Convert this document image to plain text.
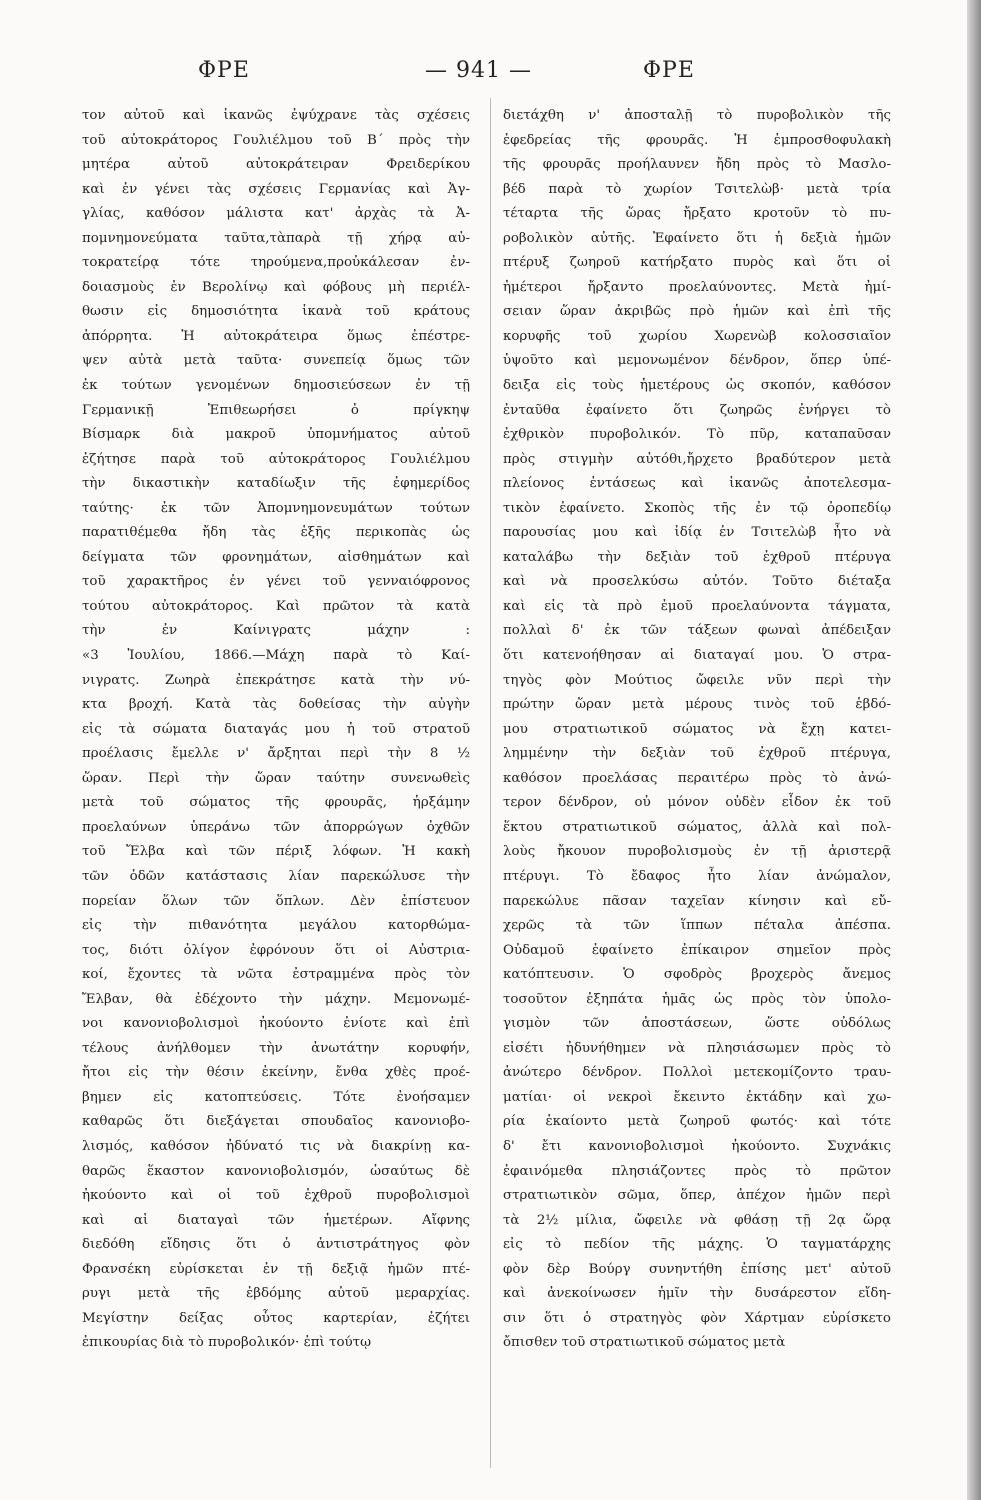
ΦΡΕ	— 941 —	ΦΡΕ
τον αὐτοῦ καὶ ἱκανῶς ἐψύχρανε τὰς σχέσεις
τοῦ αὐτοκράτορος Γουλιέλμου τοῦ Β΄ πρὸς τὴν
μητέρα αὐτοῦ αὐτοκράτειραν Φρειδερίκου
καὶ ἐν γένει τὰς σχέσεις Γερμανίας καὶ Ἀγ-
γλίας, καθόσον μάλιστα κατ' ἀρχὰς τὰ Ἀ-
πομνημονεύματα ταῦτα,τὰπαρὰ τῇ χήρᾳ αὐ-
τοκρατείρᾳ τότε τηρούμενα,προὐκάλεσαν ἐν-
δοιασμοὺς ἐν Βερολίνῳ καὶ φόβους μὴ περιέλ-
θωσιν εἰς δημοσιότητα ἱκανὰ τοῦ κράτους
ἀπόρρητα. Ἡ αὐτοκράτειρα ὅμως ἐπέστρε-
ψεν αὐτὰ μετὰ ταῦτα· συνεπείᾳ ὅμως τῶν
ἐκ τούτων γενομένων δημοσιεύσεων ἐν τῇ
Γερμανικῇ Ἐπιθεωρήσει ὁ πρίγκηψ
Βίσμαρκ διὰ μακροῦ ὑπομνήματος αὐτοῦ
ἐζήτησε παρὰ τοῦ αὐτοκράτορος Γουλιέλμου
τὴν δικαστικὴν καταδίωξιν τῆς ἐφημερίδος
ταύτης· ἐκ τῶν Ἀπομνημονευμάτων τούτων
παρατιθέμεθα ἤδη τὰς ἑξῆς περικοπὰς ὡς
δείγματα τῶν φρονημάτων, αἰσθημάτων καὶ
τοῦ χαρακτῆρος ἐν γένει τοῦ γενναιόφρονος
τούτου αὐτοκράτορος. Καὶ πρῶτον τὰ κατὰ
τὴν ἐν Καίνιγρατς μάχην :
«3 Ἰουλίου, 1866.—Μάχη παρὰ τὸ Καί-
νιγρατς. Ζωηρὰ ἐπεκράτησε κατὰ τὴν νύ-
κτα βροχή. Κατὰ τὰς δοθείσας τὴν αὐγὴν
εἰς τὰ σώματα διαταγάς μου ἡ τοῦ στρατοῦ
προέλασις ἔμελλε ν' ἄρξηται περὶ τὴν 8 ½
ὥραν. Περὶ τὴν ὥραν ταύτην συνενωθεὶς
μετὰ τοῦ σώματος τῆς φρουρᾶς, ἠρξάμην
προελαύνων ὑπεράνω τῶν ἀπορρώγων ὀχθῶν
τοῦ Ἔλβα καὶ τῶν πέριξ λόφων. Ἡ κακὴ
τῶν ὁδῶν κατάστασις λίαν παρεκώλυσε τὴν
πορείαν ὅλων τῶν ὅπλων. Δὲν ἐπίστευον
εἰς τὴν πιθανότητα μεγάλου κατορθώμα-
τος, διότι ὀλίγον ἐφρόνουν ὅτι οἱ Αὐστρια-
κοί, ἔχοντες τὰ νῶτα ἐστραμμένα πρὸς τὸν
Ἔλβαν, θὰ ἐδέχοντο τὴν μάχην. Μεμονωμέ-
νοι κανονιοβολισμοὶ ἠκούοντο ἐνίοτε καὶ ἐπὶ
τέλους ἀνήλθομεν τὴν ἀνωτάτην κορυφήν,
ἤτοι εἰς τὴν θέσιν ἐκείνην, ἔνθα χθὲς προέ-
βημεν εἰς κατοπτεύσεις. Τότε ἐνοήσαμεν
καθαρῶς ὅτι διεξάγεται σπουδαῖος κανονιοβο-
λισμός, καθόσον ἠδύνατό τις νὰ διακρίνῃ κα-
θαρῶς ἕκαστον κανονιοβολισμόν, ὡσαύτως δὲ
ἠκούοντο καὶ οἱ τοῦ ἐχθροῦ πυροβολισμοὶ
καὶ αἱ διαταγαὶ τῶν ἡμετέρων. Αἴφνης
διεδόθη εἴδησις ὅτι ὁ ἀντιστράτηγος φὸν
Φρανσέκη εὑρίσκεται ἐν τῇ δεξιᾷ ἡμῶν πτέ-
ρυγι μετὰ τῆς ἑβδόμης αὐτοῦ μεραρχίας.
Μεγίστην δείξας οὗτος καρτερίαν, ἐζήτει
ἐπικουρίας διὰ τὸ πυροβολικόν· ἐπὶ τούτῳ
διετάχθη ν' ἀποσταλῇ τὸ πυροβολικὸν τῆς
ἐφεδρείας τῆς φρουρᾶς. Ἡ ἐμπροσθοφυλακὴ
τῆς φρουρᾶς προήλαυνεν ἤδη πρὸς τὸ Μασλο-
βέδ παρὰ τὸ χωρίον Τσιτελὼβ· μετὰ τρία
τέταρτα τῆς ὥρας ἤρξατο κροτοῦν τὸ πυ-
ροβολικὸν αὐτῆς. Ἐφαίνετο ὅτι ἡ δεξιὰ ἡμῶν
πτέρυξ ζωηροῦ κατήρξατο πυρὸς καὶ ὅτι οἱ
ἡμέτεροι ἤρξαντο προελαύνοντες. Μετὰ ἡμί-
σειαν ὥραν ἀκριβῶς πρὸ ἡμῶν καὶ ἐπὶ τῆς
κορυφῆς τοῦ χωρίου Χωρενὼβ κολοσσιαῖον
ὑψοῦτο καὶ μεμονωμένον δένδρον, ὅπερ ὑπέ-
δειξα εἰς τοὺς ἡμετέρους ὡς σκοπόν, καθόσον
ἐνταῦθα ἐφαίνετο ὅτι ζωηρῶς ἐνήργει τὸ
ἐχθρικὸν πυροβολικόν. Τὸ πῦρ, καταπαῦσαν
πρὸς στιγμὴν αὐτόθι,ἤρχετο βραδύτερον μετὰ
πλείονος ἐντάσεως καὶ ἱκανῶς ἀποτελεσμα-
τικὸν ἐφαίνετο. Σκοπὸς τῆς ἐν τῷ ὀροπεδίῳ
παρουσίας μου καὶ ἰδίᾳ ἐν Τσιτελὼβ ἦτο νὰ
καταλάβω τὴν δεξιὰν τοῦ ἐχθροῦ πτέρυγα
καὶ νὰ προσελκύσω αὐτόν. Τοῦτο διέταξα
καὶ εἰς τὰ πρὸ ἐμοῦ προελαύνοντα τάγματα,
πολλαὶ δ' ἐκ τῶν τάξεων φωναὶ ἀπέδειξαν
ὅτι κατενοήθησαν αἱ διαταγαί μου. Ὁ στρα-
τηγὸς φὸν Μούτιος ὤφειλε νῦν περὶ τὴν
πρώτην ὥραν μετὰ μέρους τινὸς τοῦ ἑβδό-
μου στρατιωτικοῦ σώματος νὰ ἔχῃ κατει-
λημμένην τὴν δεξιὰν τοῦ ἐχθροῦ πτέρυγα,
καθόσον προελάσας περαιτέρω πρὸς τὸ ἀνώ-
τερον δένδρον, οὐ μόνον οὐδὲν εἶδον ἐκ τοῦ
ἕκτου στρατιωτικοῦ σώματος, ἀλλὰ καὶ πολ-
λοὺς ἤκουον πυροβολισμοὺς ἐν τῇ ἀριστερᾷ
πτέρυγι. Τὸ ἔδαφος ἦτο λίαν ἀνώμαλον,
παρεκώλυε πᾶσαν ταχεῖαν κίνησιν καὶ εὔ-
χερῶς τὰ τῶν ἵππων πέταλα ἀπέσπα.
Οὐδαμοῦ ἐφαίνετο ἐπίκαιρον σημεῖον πρὸς
κατόπτευσιν. Ὁ σφοδρὸς βροχερὸς ἄνεμος
τοσοῦτον ἐξηπάτα ἡμᾶς ὡς πρὸς τὸν ὑπολο-
γισμὸν τῶν ἀποστάσεων, ὥστε οὐδόλως
εἰσέτι ἠδυνήθημεν νὰ πλησιάσωμεν πρὸς τὸ
ἀνώτερο δένδρον. Πολλοὶ μετεκομίζοντο τραυ-
ματίαι· οἱ νεκροὶ ἔκειντο ἐκτάδην καὶ χω-
ρία ἐκαίοντο μετὰ ζωηροῦ φωτός· καὶ τότε
δ' ἔτι κανονιοβολισμοὶ ἠκούοντο. Συχνάκις
ἐφαινόμεθα πλησιάζοντες πρὸς τὸ πρῶτον
στρατιωτικὸν σῶμα, ὅπερ, ἀπέχον ἡμῶν περὶ
τὰ 2½ μίλια, ὤφειλε νὰ φθάσῃ τῇ 2ᾳ ὥρᾳ
εἰς τὸ πεδίον τῆς μάχης. Ὁ ταγματάρχης
φὸν δὲρ Βούργ συνηντήθη ἐπίσης μετ' αὐτοῦ
καὶ ἀνεκοίνωσεν ἡμῖν τὴν δυσάρεστον εἴδη-
σιν ὅτι ὁ στρατηγὸς φὸν Χάρτμαν εὑρίσκετο
ὄπισθεν τοῦ στρατιωτικοῦ σώματος μετὰ
